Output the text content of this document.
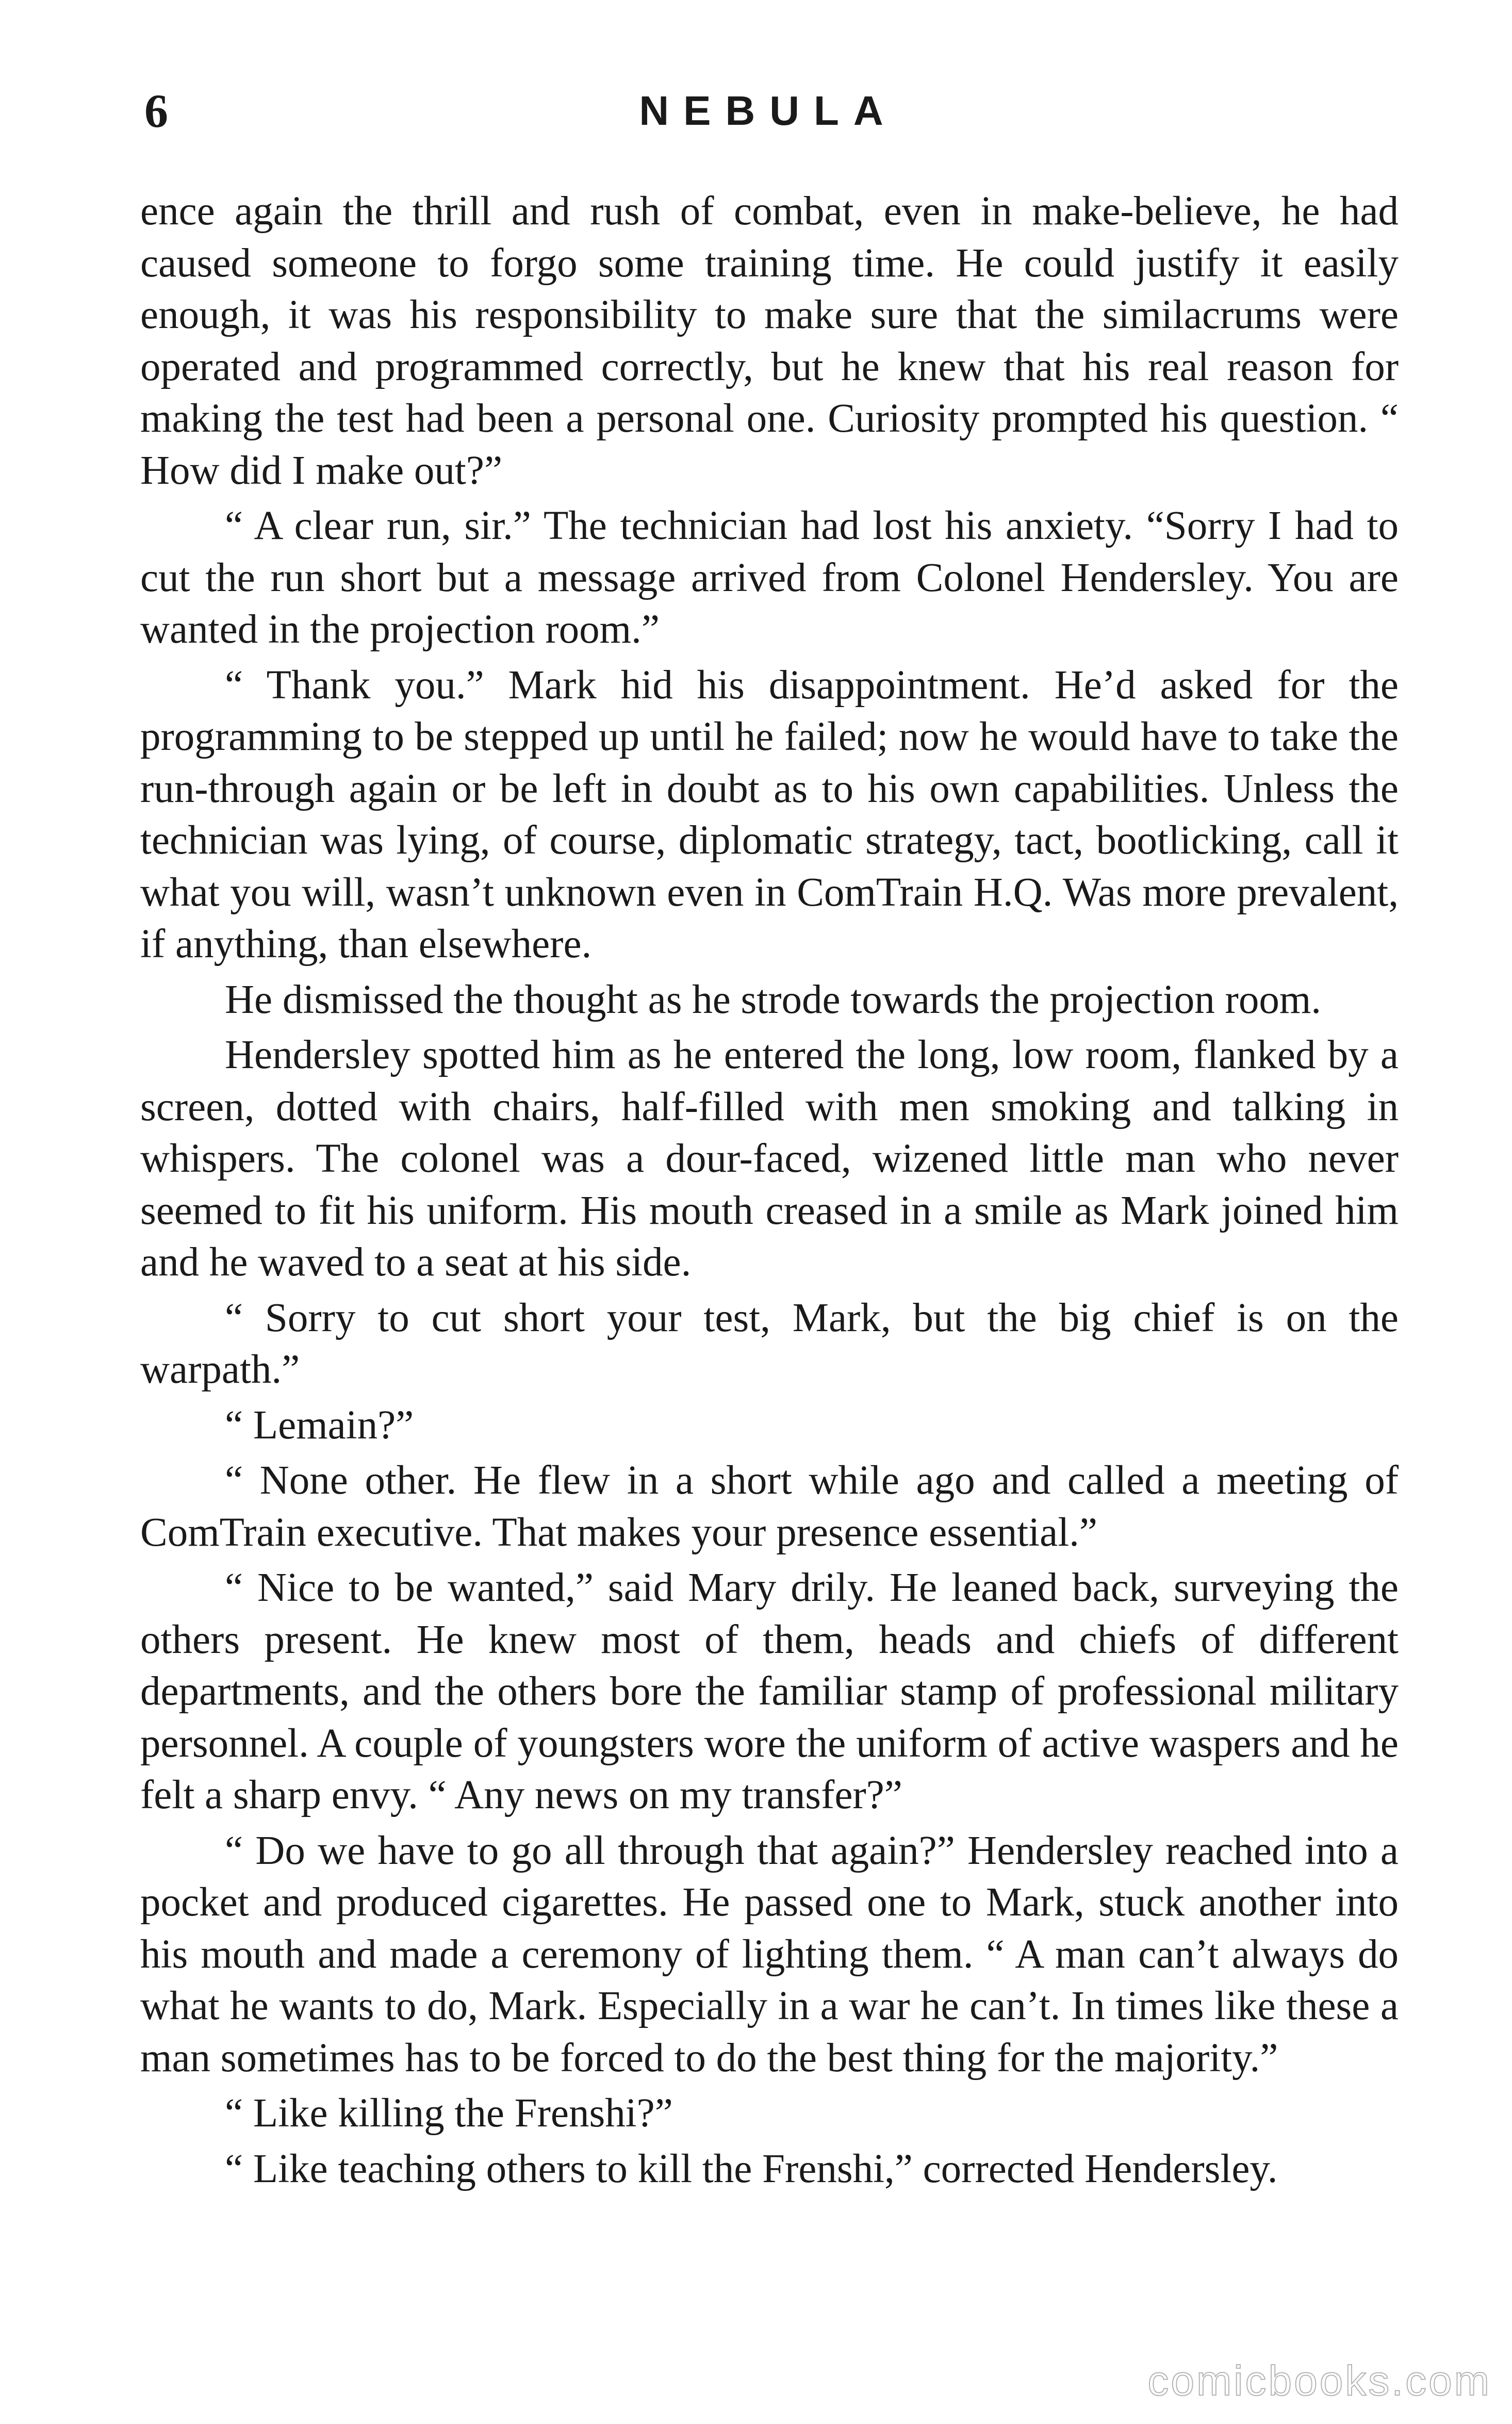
6	NEBULA

ence again the thrill and rush of combat, even in make-believe, he had caused someone to forgo some training time. He could justify it easily enough, it was his responsibility to make sure that the similacrums were operated and programmed correctly, but he knew that his real reason for making the test had been a personal one. Curiosity prompted his question. “ How did I make out?”

“ A clear run, sir.” The technician had lost his anxiety. “Sorry I had to cut the run short but a message arrived from Colonel Hendersley. You are wanted in the projection room.”

“ Thank you.” Mark hid his disappointment. He’d asked for the programming to be stepped up until he failed; now he would have to take the run-through again or be left in doubt as to his own capabilities. Unless the technician was lying, of course, diplomatic strategy, tact, bootlicking, call it what you will, wasn’t unknown even in ComTrain H.Q. Was more prevalent, if anything, than elsewhere.

He dismissed the thought as he strode towards the projection room.

Hendersley spotted him as he entered the long, low room, flanked by a screen, dotted with chairs, half-filled with men smoking and talking in whispers. The colonel was a dour-faced, wizened little man who never seemed to fit his uniform. His mouth creased in a smile as Mark joined him and he waved to a seat at his side.

“ Sorry to cut short your test, Mark, but the big chief is on the warpath.”

“ Lemain?”

“ None other. He flew in a short while ago and called a meeting of ComTrain executive. That makes your presence essential.”

“ Nice to be wanted,” said Mary drily. He leaned back, surveying the others present. He knew most of them, heads and chiefs of different departments, and the others bore the familiar stamp of professional military personnel. A couple of youngsters wore the uniform of active waspers and he felt a sharp envy. “ Any news on my transfer?”

“ Do we have to go all through that again?” Hendersley reached into a pocket and produced cigarettes. He passed one to Mark, stuck another into his mouth and made a ceremony of lighting them. “ A man can’t always do what he wants to do, Mark. Especially in a war he can’t. In times like these a man sometimes has to be forced to do the best thing for the majority.”

“ Like killing the Frenshi?”

“ Like teaching others to kill the Frenshi,” corrected Hendersley.

comicbooks.com
